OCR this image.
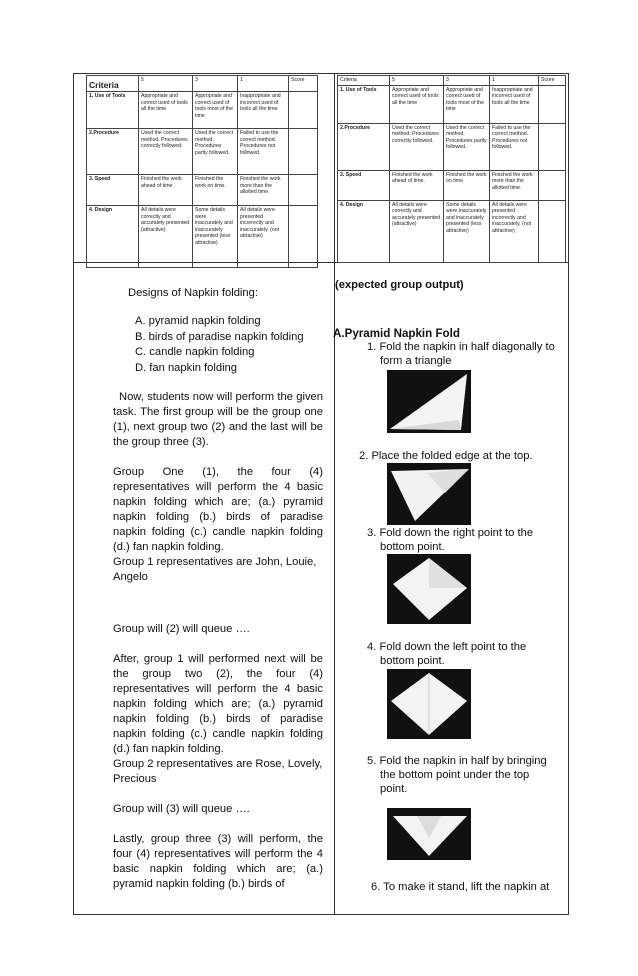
Criteria	5	3	1	Score
1. Use of Tools	Appropriate and correct used of tools all the time	Appropriate and correct used of tools most of the time	Inappropriate and incorrect used of tools all the time	
2.Procedure	Used the correct method. Procedures correctly followed.	Used the correct method. Procedures partly followed.	Failed to use the correct method. Procedures not followed.	
3. Speed	Finished the work ahead of time.	Finished the work on time.	Finished the work more than the allotted time.	
4. Design	All details were correctly and accurately presented (attractive)	Some details were inaccurately and inaccurately presented (less attractive)	All details were presented incorrectly and inaccurately. (not attractive)	
Criteria	5	3	1	Score
1. Use of Tools	Appropriate and correct used of tools all the time	Appropriate and correct used of tools most of the time	Inappropriate and incorrect used of tools all the time	
2.Procedure	Used the correct method. Procedures correctly followed.	Used the correct method. Procedures partly followed.	Failed to use the correct method. Procedures not followed.	
3. Speed	Finished the work ahead of time.	Finished the work on time.	Finished the work more than the allotted time.	
4. Design	All details were correctly and accurately presented (attractive)	Some details were inaccurately and inaccurately presented (less attractive)	All details were presented incorrectly and inaccurately. (not attractive)	
Designs of Napkin folding:
A. pyramid napkin folding
B. birds of paradise napkin folding
C. candle napkin folding
D. fan napkin folding

Now, students now will perform the given task. The first group will be the group one (1), next group two (2) and the last will be the group three (3).

Group One (1), the four (4) representatives will perform the 4 basic napkin folding which are; (a.) pyramid napkin folding (b.) birds of paradise napkin folding (c.) candle napkin folding (d.) fan napkin folding.

Group 1 representatives are John, Louie, Angelo

Group will (2) will queue ….

After, group 1 will performed next will be the group two (2), the four (4) representatives will perform the 4 basic napkin folding which are; (a.) pyramid napkin folding (b.) birds of paradise napkin folding (c.) candle napkin folding (d.) fan napkin folding.

Group 2 representatives are Rose, Lovely, Precious

Group will (3) will queue ….

Lastly, group three (3) will perform, the four (4) representatives will perform the 4 basic napkin folding which are; (a.) pyramid napkin folding (b.) birds of

(expected group output)
A.Pyramid Napkin Fold
1. Fold the napkin in half diagonally to
form a triangle
2. Place the folded edge at the top.
3. Fold down the right point to the
bottom point.
4. Fold down the left point to the
bottom point.
5. Fold the napkin in half by bringing
the bottom point under the top
point.
6. To make it stand, lift the napkin at
